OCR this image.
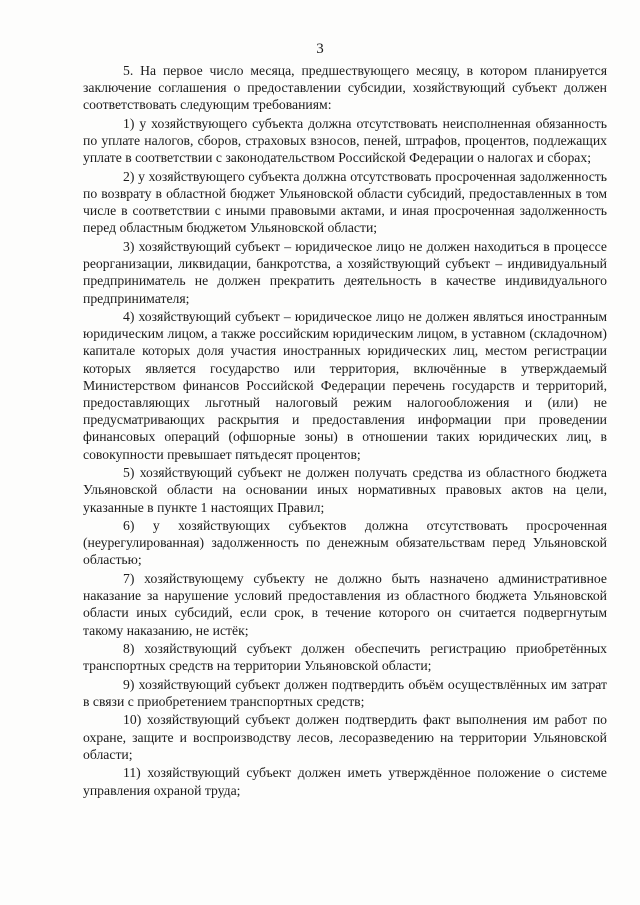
3

5. На первое число месяца, предшествующего месяцу, в котором планируется заключение соглашения о предоставлении субсидии, хозяйствующий субъект должен соответствовать следующим требованиям:

1) у хозяйствующего субъекта должна отсутствовать неисполненная обязанность по уплате налогов, сборов, страховых взносов, пеней, штрафов, процентов, подлежащих уплате в соответствии с законодательством Российской Федерации о налогах и сборах;

2) у хозяйствующего субъекта должна отсутствовать просроченная задолженность по возврату в областной бюджет Ульяновской области субсидий, предоставленных в том числе в соответствии с иными правовыми актами, и иная просроченная задолженность перед областным бюджетом Ульяновской области;

3) хозяйствующий субъект – юридическое лицо не должен находиться в процессе реорганизации, ликвидации, банкротства, а хозяйствующий субъект – индивидуальный предприниматель не должен прекратить деятельность в качестве индивидуального предпринимателя;

4) хозяйствующий субъект – юридическое лицо не должен являться иностранным юридическим лицом, а также российским юридическим лицом, в уставном (складочном) капитале которых доля участия иностранных юридических лиц, местом регистрации которых является государство или территория, включённые в утверждаемый Министерством финансов Российской Федерации перечень государств и территорий, предоставляющих льготный налоговый режим налогообложения и (или) не предусматривающих раскрытия и предоставления информации при проведении финансовых операций (офшорные зоны) в отношении таких юридических лиц, в совокупности превышает пятьдесят процентов;

5) хозяйствующий субъект не должен получать средства из областного бюджета Ульяновской области на основании иных нормативных правовых актов на цели, указанные в пункте 1 настоящих Правил;

6) у хозяйствующих субъектов должна отсутствовать просроченная (неурегулированная) задолженность по денежным обязательствам перед Ульяновской областью;

7) хозяйствующему субъекту не должно быть назначено административное наказание за нарушение условий предоставления из областного бюджета Ульяновской области иных субсидий, если срок, в течение которого он считается подвергнутым такому наказанию, не истёк;

8) хозяйствующий субъект должен обеспечить регистрацию приобретённых транспортных средств на территории Ульяновской области;

9) хозяйствующий субъект должен подтвердить объём осуществлённых им затрат в связи с приобретением транспортных средств;

10) хозяйствующий субъект должен подтвердить факт выполнения им работ по охране, защите и воспроизводству лесов, лесоразведению на территории Ульяновской области;

11) хозяйствующий субъект должен иметь утверждённое положение о системе управления охраной труда;
